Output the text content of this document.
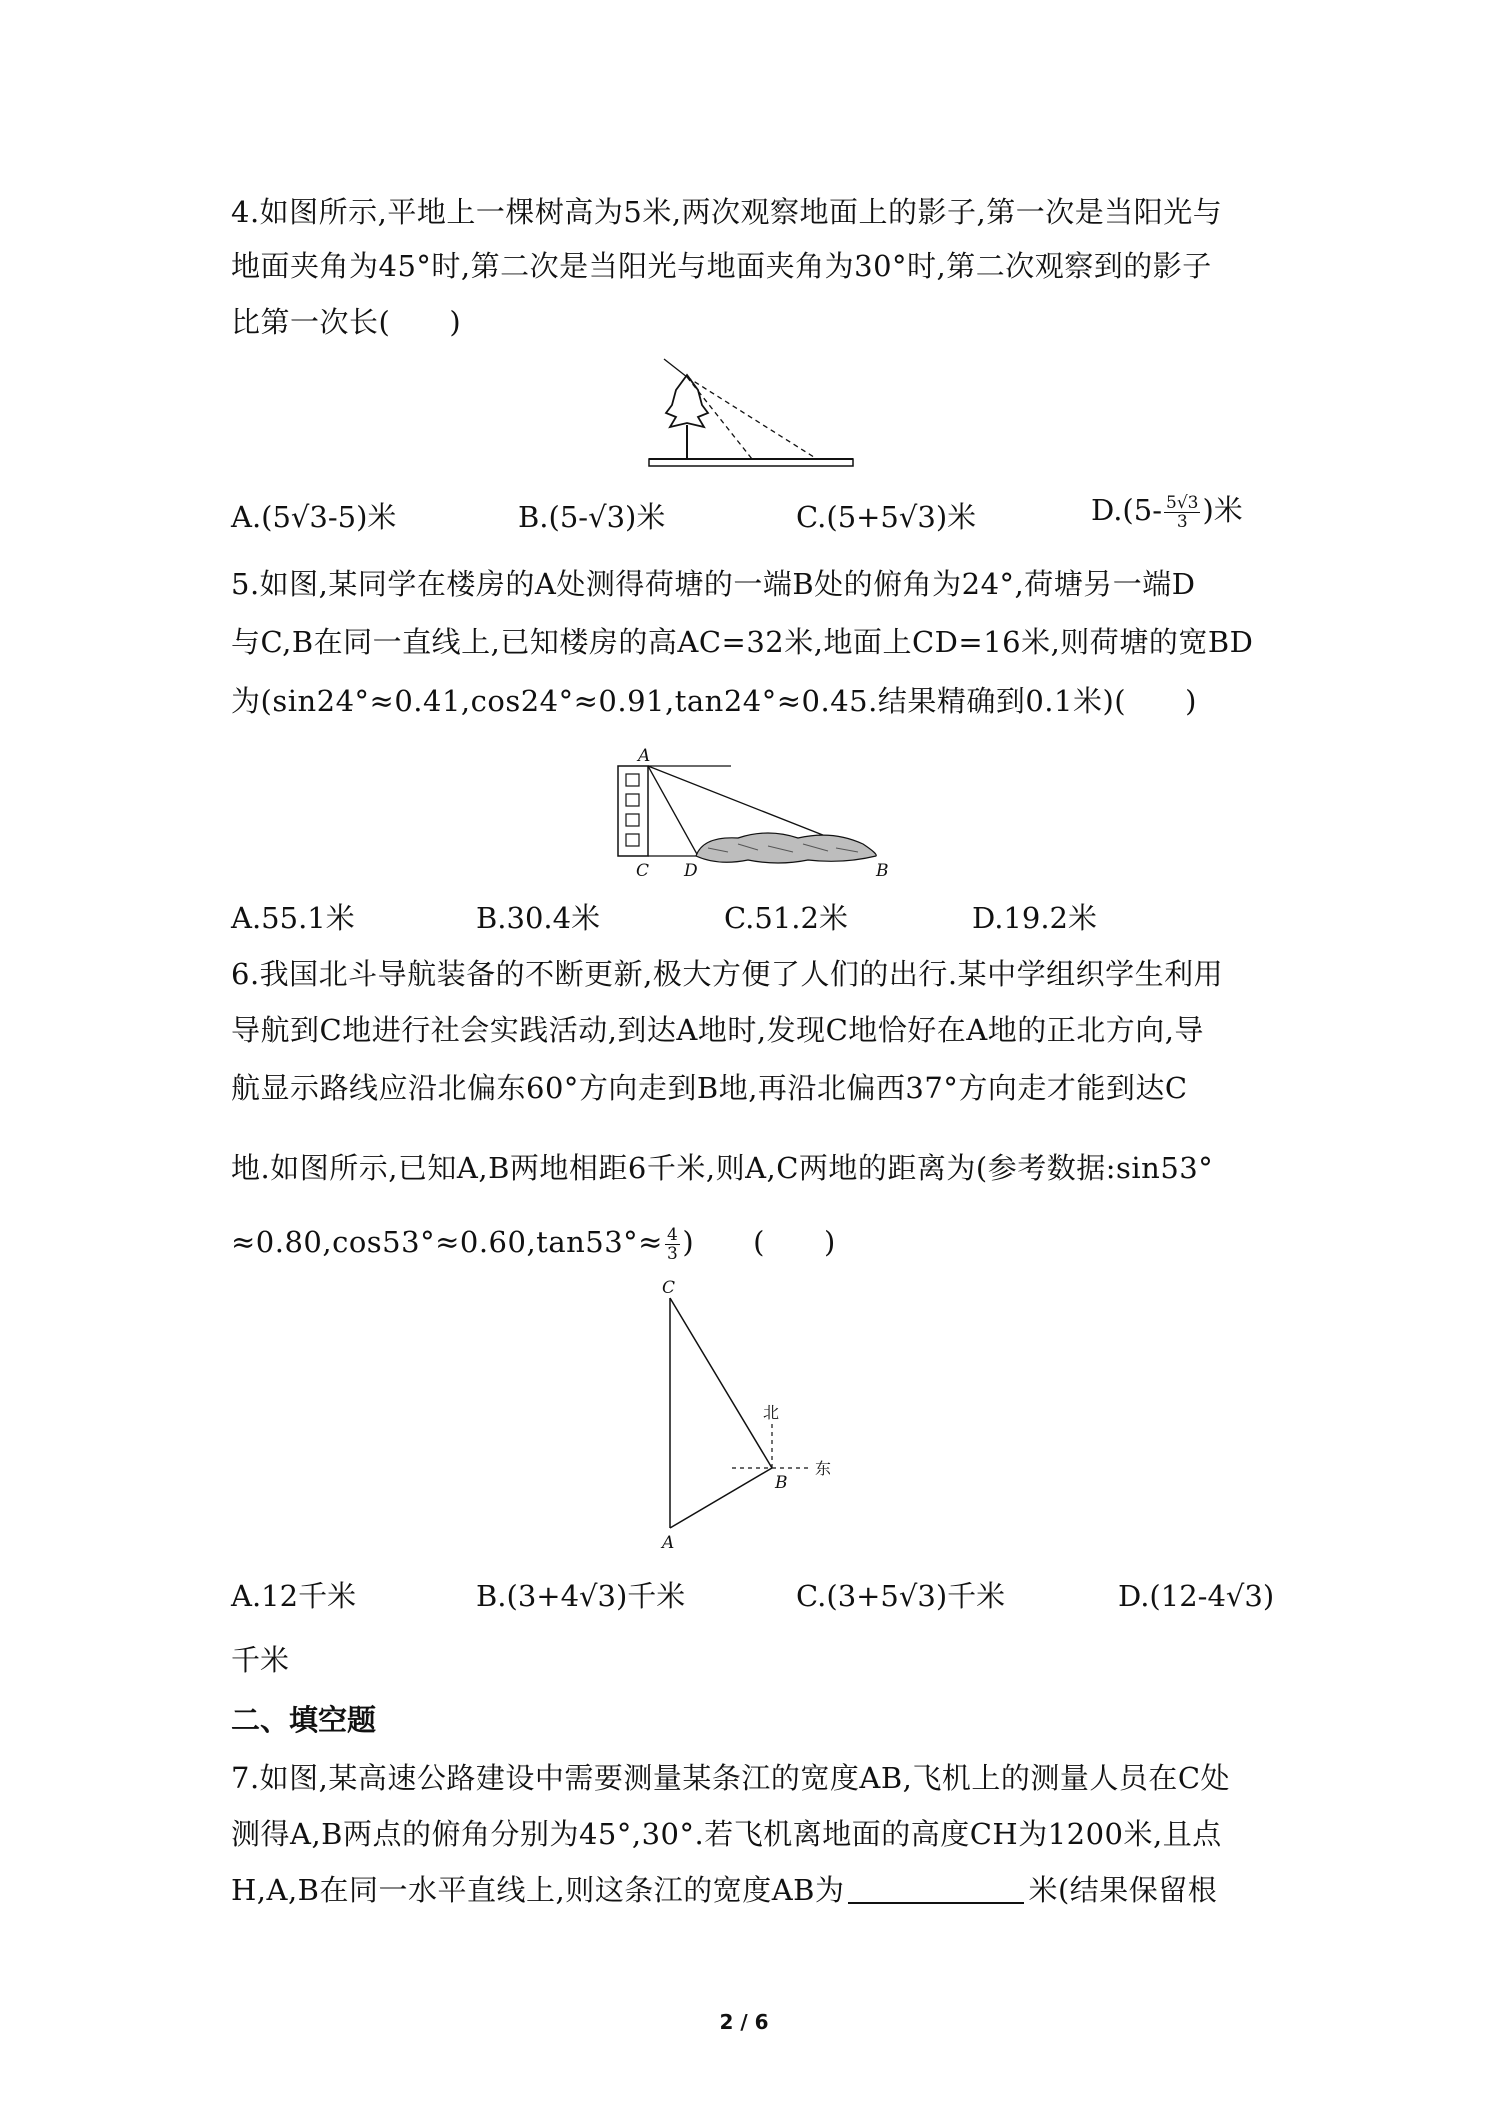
4.如图所示,平地上一棵树高为5米,两次观察地面上的影子,第一次是当阳光与
地面夹角为45°时,第二次是当阳光与地面夹角为30°时,第二次观察到的影子
比第一次长(　　)
A.(5√3-5)米	B.(5-√3)米	C.(5+5√3)米	$D.(5- \frac{5√3}{3}$ )米
5.如图,某同学在楼房的A处测得荷塘的一端B处的俯角为24°,荷塘另一端D
与C,B在同一直线上,已知楼房的高AC=32米,地面上CD=16米,则荷塘的宽BD
为(sin24°≈0.41,cos24°≈0.91,tan24°≈0.45.结果精确到0.1米)(　　)
A
C D	B
A.55.1米	B.30.4米	C.51.2米	D.19.2米
6.我国北斗导航装备的不断更新,极大方便了人们的出行.某中学组织学生利用
导航到C地进行社会实践活动,到达A地时,发现C地恰好在A地的正北方向,导
航显示路线应沿北偏东60°方向走到B地,再沿北偏西37°方向走才能到达C
地.如图所示,已知A,B两地相距6千米,则A,C两地的距离为(参考数据:sin53°
$\approx 0.80,\cos 53^\circ\approx 0.60,\tan 53^\circ\approx \frac{4}{3}$ )　　(　　)
C
A
B
北
东
A.12千米	B.(3+4√3)千米	C.(3+5√3)千米	D.(12-4√3)
千米
二、填空题
7.如图,某高速公路建设中需要测量某条江的宽度AB,飞机上的测量人员在C处
测得A,B两点的俯角分别为45°,30°.若飞机离地面的高度CH为1200米,且点
H,A,B在同一水平直线上,则这条江的宽度AB为	米(结果保留根
2 / 6
